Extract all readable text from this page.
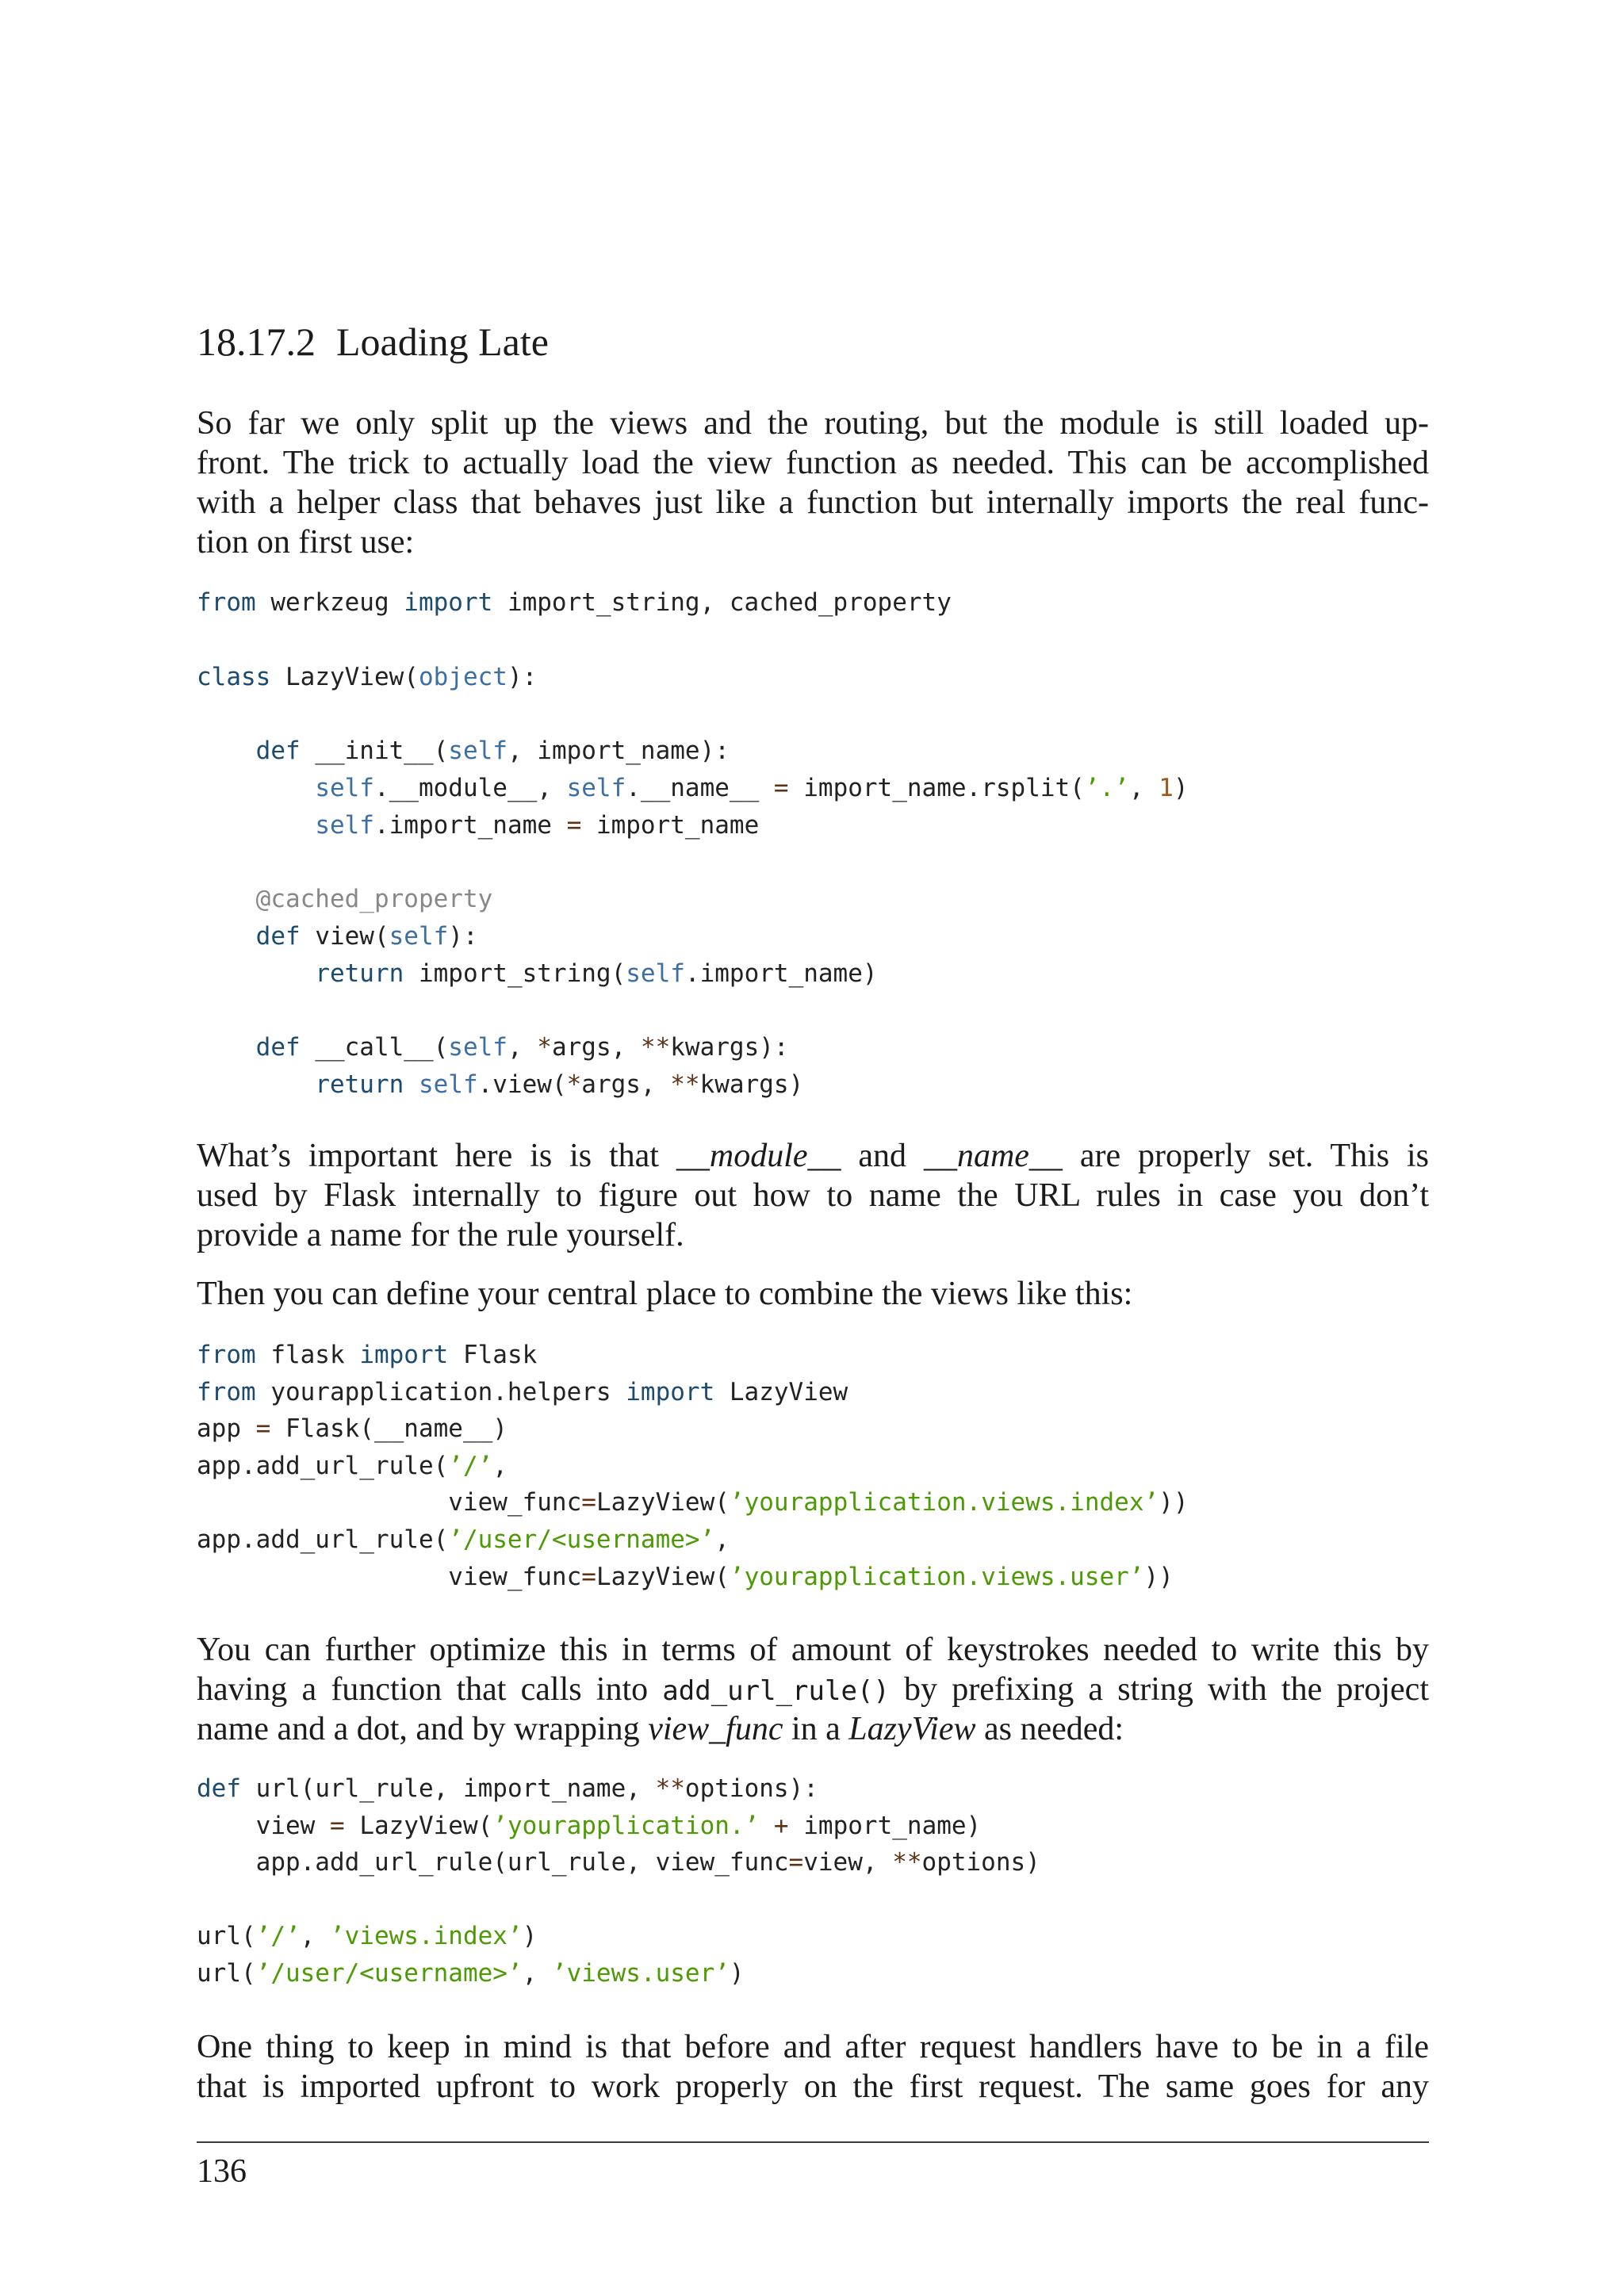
18.17.2 Loading Late
So far we only split up the views and the routing, but the module is still loaded up-
front. The trick to actually load the view function as needed. This can be accomplished
with a helper class that behaves just like a function but internally imports the real func-
tion on first use:
from werkzeug import import_string, cached_property
class LazyView(object):
def __init__(self, import_name):
self.__module__, self.__name__ = import_name.rsplit(’.’, 1)
self.import_name = import_name
@cached_property
def view(self):
return import_string(self.import_name)
def __call__(self, *args, **kwargs):
return self.view(*args, **kwargs)
What’s important here is is that __module__ and __name__ are properly set. This is
used by Flask internally to figure out how to name the URL rules in case you don’t
provide a name for the rule yourself.
Then you can define your central place to combine the views like this:
from flask import Flask
from yourapplication.helpers import LazyView
app = Flask(__name__)
app.add_url_rule(’/’,
view_func=LazyView(’yourapplication.views.index’))
app.add_url_rule(’/user/<username>’,
view_func=LazyView(’yourapplication.views.user’))
You can further optimize this in terms of amount of keystrokes needed to write this by
having a function that calls into add_url_rule() by prefixing a string with the project
name and a dot, and by wrapping view_func in a LazyView as needed:
def url(url_rule, import_name, **options):
view = LazyView(’yourapplication.’ + import_name)
app.add_url_rule(url_rule, view_func=view, **options)
url(’/’, ’views.index’)
url(’/user/<username>’, ’views.user’)
One thing to keep in mind is that before and after request handlers have to be in a file
that is imported upfront to work properly on the first request. The same goes for any
136
